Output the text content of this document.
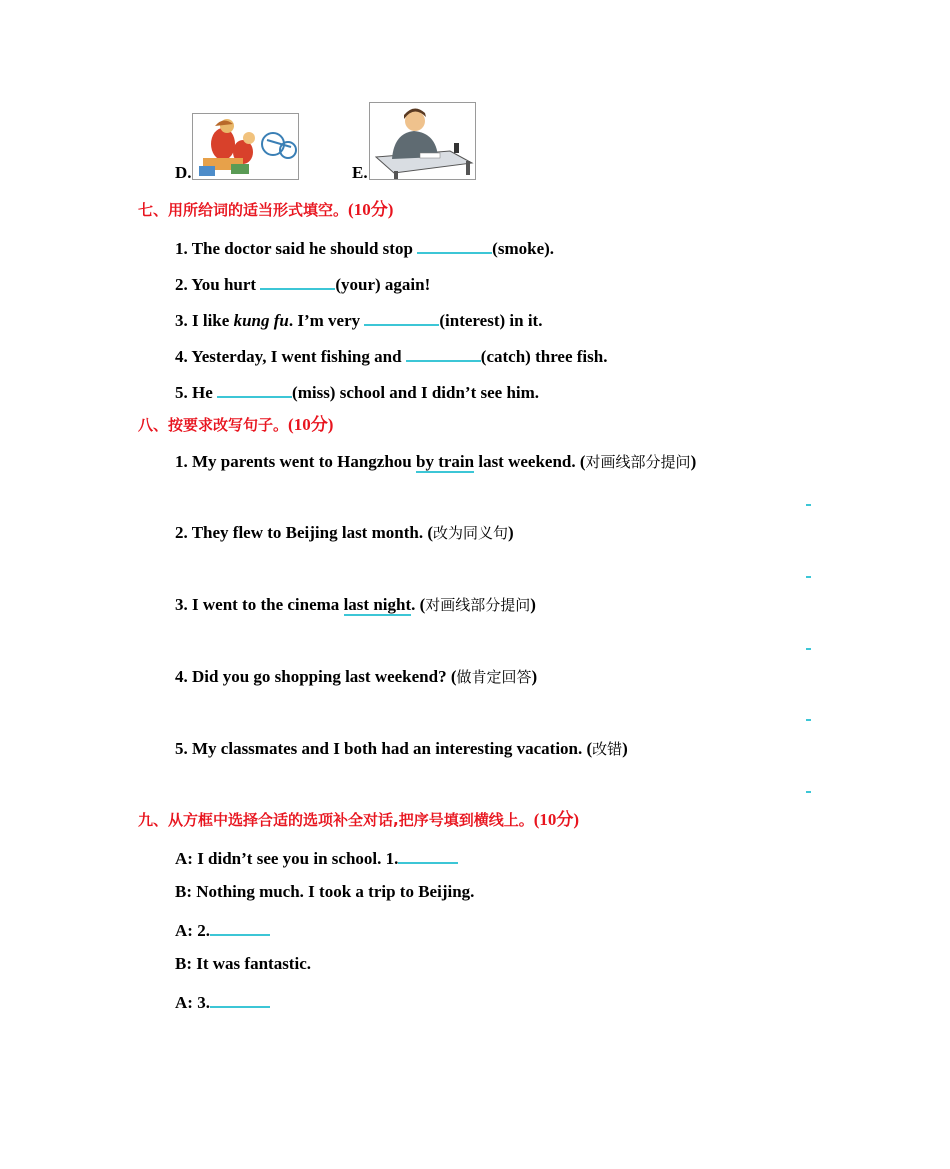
D.	E.
七、用所给词的适当形式填空。(10分)
1. The doctor said he should stop	(smoke).
2. You hurt	(your) again!
3. I like kung fu. I’m very	(interest) in it.
4. Yesterday, I went fishing and	(catch) three fish.
5. He	(miss) school and I didn’t see him.
八、按要求改写句子。(10分)
1. My parents went to Hangzhou by train last weekend. (对画线部分提问)
2. They flew to Beijing last month. (改为同义句)
3. I went to the cinema last night. (对画线部分提问)
4. Did you go shopping last weekend? (做肯定回答)
5. My classmates and I both had an interesting vacation. (改错)
九、从方框中选择合适的选项补全对话,把序号填到横线上。(10分)
A: I didn’t see you in school. 1.
B: Nothing much. I took a trip to Beijing.
A: 2.
B: It was fantastic.
A: 3.
